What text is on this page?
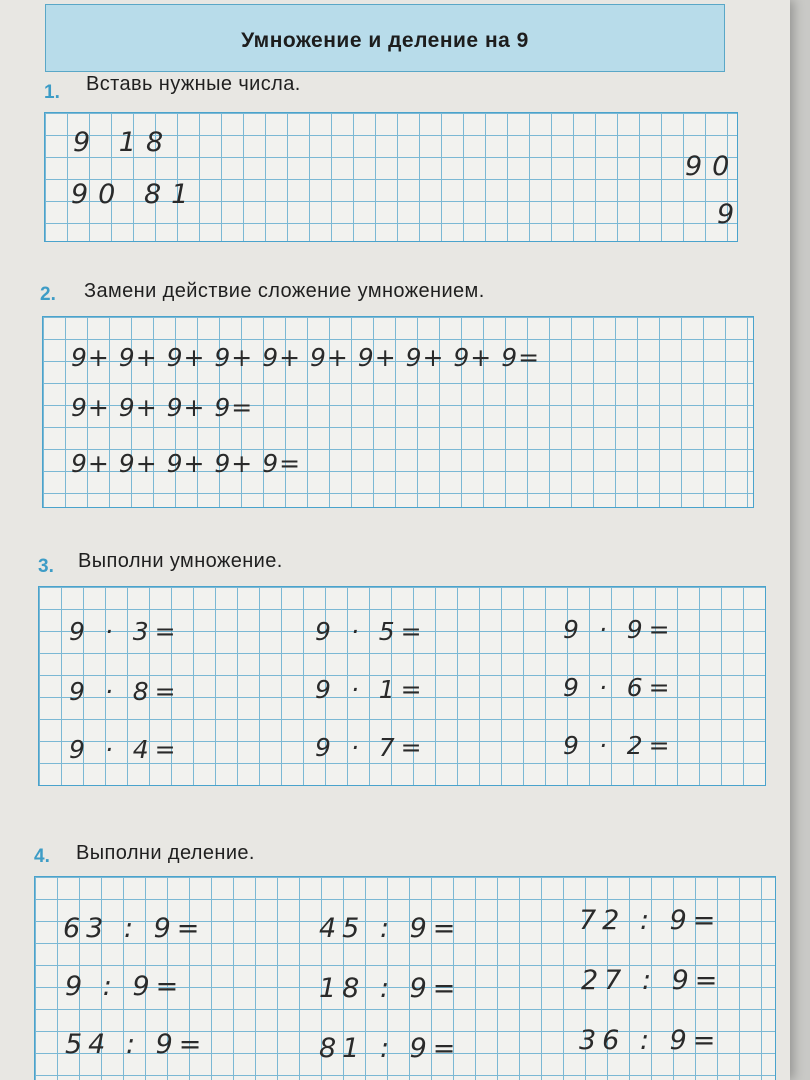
Умножение и деление на 9
1. Вставь нужные числа.
9 18
90
90 81
9
2. Замени действие сложение умножением.
9+ 9+ 9+ 9+ 9+ 9+ 9+ 9+ 9+ 9=
9+ 9+ 9+ 9=
9+ 9+ 9+ 9+ 9=
3. Выполни умножение.
9 · 3=	9 · 5=	9 · 9=
9 · 8=	9 · 1=	9 · 6=
9 · 4=	9 · 7=	9 · 2=
4. Выполни деление.
63 : 9=	45 : 9=	72 : 9=
9 : 9=	18 : 9=	27 : 9=
54 : 9=	81 : 9=	36 : 9=
